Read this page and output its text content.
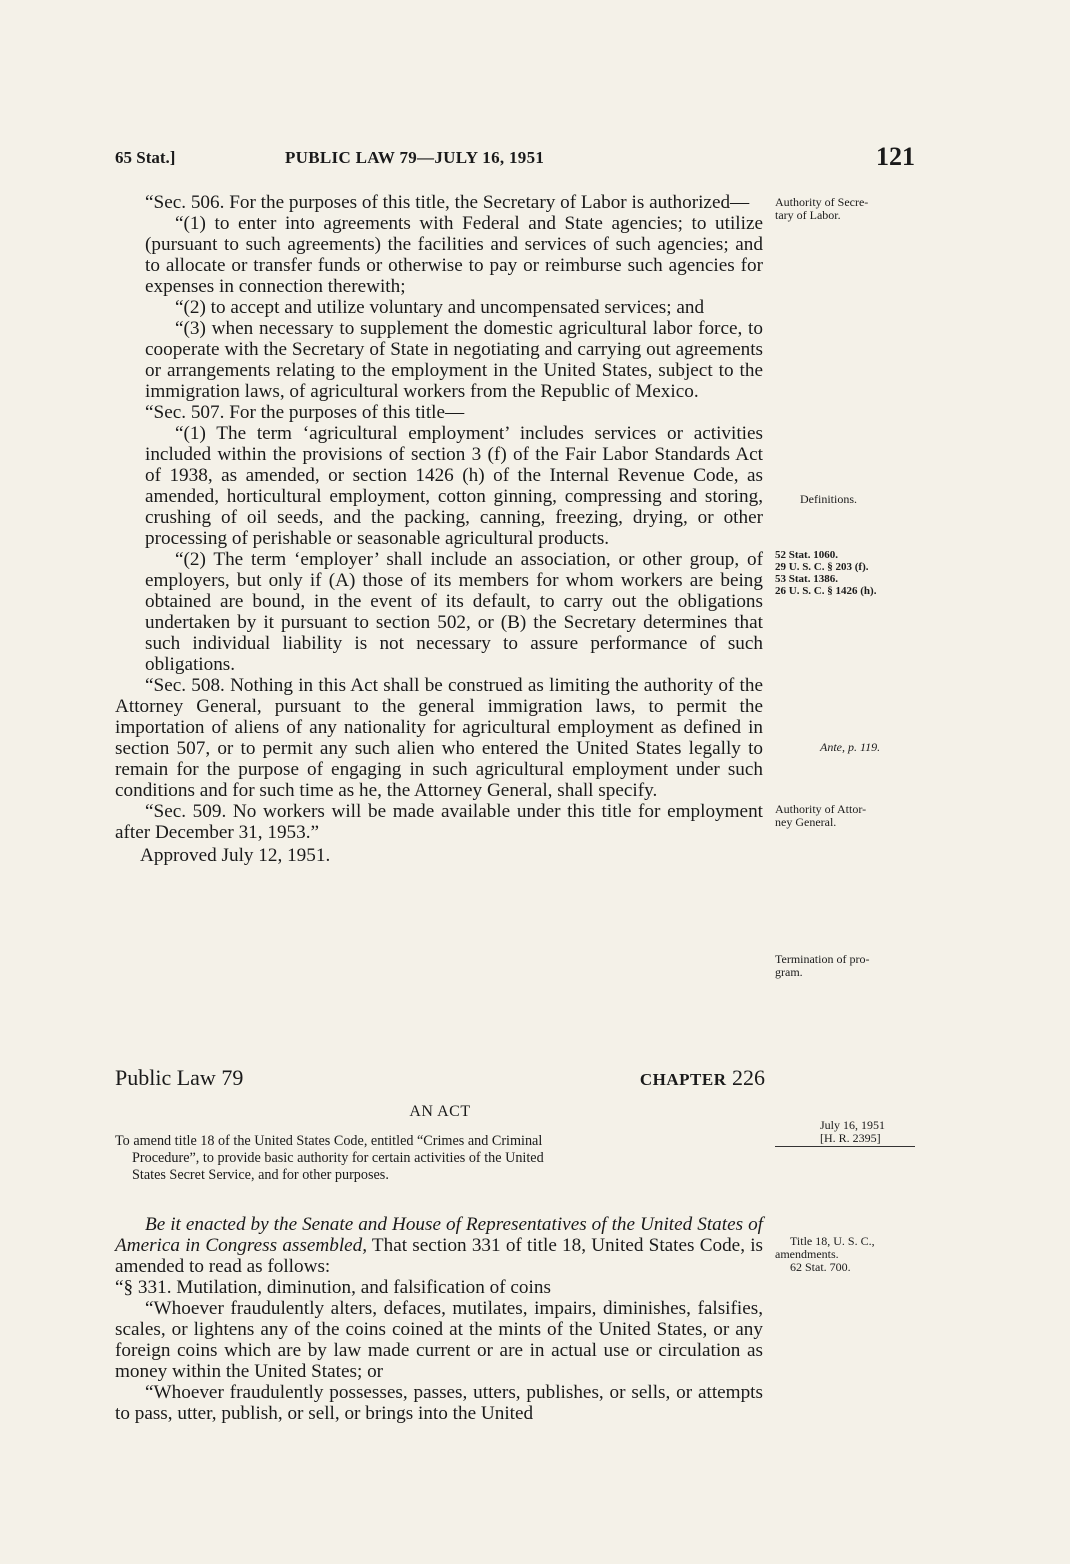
65 Stat.]	PUBLIC LAW 79—JULY 16, 1951	121

“Sec. 506. For the purposes of this title, the Secretary of Labor is authorized—

“(1) to enter into agreements with Federal and State agencies; to utilize (pursuant to such agreements) the facilities and services of such agencies; and to allocate or transfer funds or otherwise to pay or reimburse such agencies for expenses in connection therewith;

“(2) to accept and utilize voluntary and uncompensated services; and

“(3) when necessary to supplement the domestic agricultural labor force, to cooperate with the Secretary of State in negotiating and carrying out agreements or arrangements relating to the employment in the United States, subject to the immigration laws, of agricultural workers from the Republic of Mexico.

“Sec. 507. For the purposes of this title—

“(1) The term ‘agricultural employment’ includes services or activities included within the provisions of section 3 (f) of the Fair Labor Standards Act of 1938, as amended, or section 1426 (h) of the Internal Revenue Code, as amended, horticultural employment, cotton ginning, compressing and storing, crushing of oil seeds, and the packing, canning, freezing, drying, or other processing of perishable or seasonable agricultural products.

“(2) The term ‘employer’ shall include an association, or other group, of employers, but only if (A) those of its members for whom workers are being obtained are bound, in the event of its default, to carry out the obligations undertaken by it pursuant to section 502, or (B) the Secretary determines that such individual liability is not necessary to assure performance of such obligations.

“Sec. 508. Nothing in this Act shall be construed as limiting the authority of the Attorney General, pursuant to the general immigration laws, to permit the importation of aliens of any nationality for agricultural employment as defined in section 507, or to permit any such alien who entered the United States legally to remain for the purpose of engaging in such agricultural employment under such conditions and for such time as he, the Attorney General, shall specify.

“Sec. 509. No workers will be made available under this title for employment after December 31, 1953.”

Approved July 12, 1951.

Public Law 79	CHAPTER 226
AN ACT
To amend title 18 of the United States Code, entitled “Crimes and Criminal
Procedure”, to provide basic authority for certain activities of the United
States Secret Service, and for other purposes.

Be it enacted by the Senate and House of Representatives of the United States of America in Congress assembled, That section 331 of title 18, United States Code, is amended to read as follows:

“§ 331. Mutilation, diminution, and falsification of coins

“Whoever fraudulently alters, defaces, mutilates, impairs, diminishes, falsifies, scales, or lightens any of the coins coined at the mints of the United States, or any foreign coins which are by law made current or are in actual use or circulation as money within the United States; or

“Whoever fraudulently possesses, passes, utters, publishes, or sells, or attempts to pass, utter, publish, or sell, or brings into the United

Authority of Secre-
tary of Labor.
Definitions.
52 Stat. 1060.
29 U. S. C. § 203 (f).
53 Stat. 1386.
26 U. S. C. § 1426 (h).
Ante, p. 119.
Authority of Attor-
ney General.
Termination of pro-
gram.
July 16, 1951
[H. R. 2395]
Title 18, U. S. C.,
amendments.
62 Stat. 700.
